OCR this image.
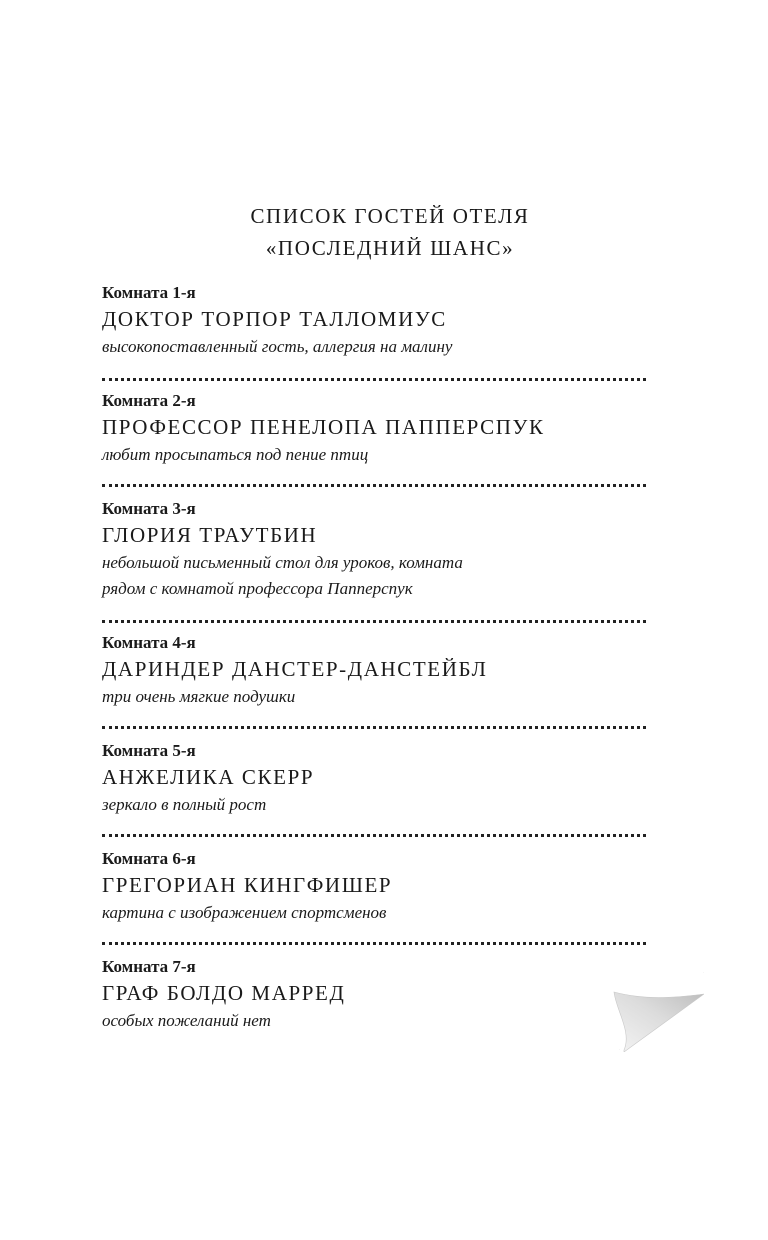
СПИСОК ГОСТЕЙ ОТЕЛЯ
«ПОСЛЕДНИЙ ШАНС»
Комната 1-я
ДОКТОР ТОРПОР ТАЛЛОМИУС
высокопоставленный гость, аллергия на малину
Комната 2-я
ПРОФЕССОР ПЕНЕЛОПА ПАППЕРСПУК
любит просыпаться под пение птиц
Комната 3-я
ГЛОРИЯ ТРАУТБИН
небольшой письменный стол для уроков, комната
рядом с комнатой профессора Папперспук
Комната 4-я
ДАРИНДЕР ДАНСТЕР-ДАНСТЕЙБЛ
три очень мягкие подушки
Комната 5-я
АНЖЕЛИКА СКЕРР
зеркало в полный рост
Комната 6-я
ГРЕГОРИАН КИНГФИШЕР
картина с изображением спортсменов
Комната 7-я
ГРАФ БОЛДО МАРРЕД
особых пожеланий нет
